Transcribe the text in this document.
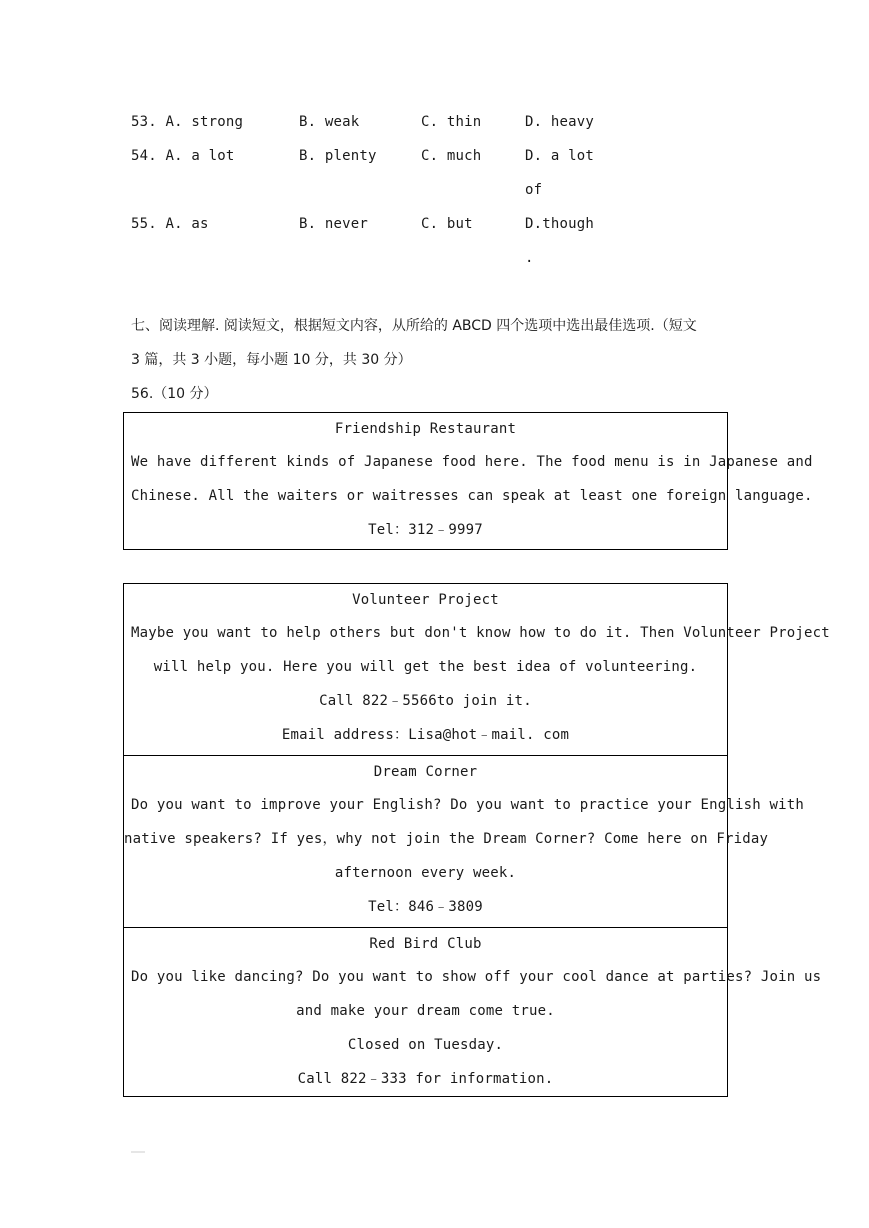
53. A. strong	B. weak	C. thin	D. heavy
54. A. a lot	B. plenty	C. much	D. a lot
of
55. A. as	B. never	C. but	D.though
.
七、阅读理解. 阅读短文，根据短文内容，从所给的 ABCD 四个选项中选出最佳选项.（短文
3 篇，共 3 小题，每小题 10 分，共 30 分）
56.（10 分）
Friendship Restaurant
We have different kinds of Japanese food here. The food menu is in Japanese and
Chinese. All the waiters or waitresses can speak at least one foreign language.
Tel：312﹣9997
Volunteer Project
Maybe you want to help others but don't know how to do it. Then Volunteer Project
will help you. Here you will get the best idea of volunteering.
Call 822﹣5566to join it.
Email address：Lisa@hot﹣mail. com
Dream Corner
Do you want to improve your English? Do you want to practice your English with
native speakers? If yes，why not join the Dream Corner? Come here on Friday
afternoon every week.
Tel：846﹣3809
Red Bird Club
Do you like dancing? Do you want to show off your cool dance at parties? Join us
and make your dream come true.
Closed on Tuesday.
Call 822﹣333 for information.
